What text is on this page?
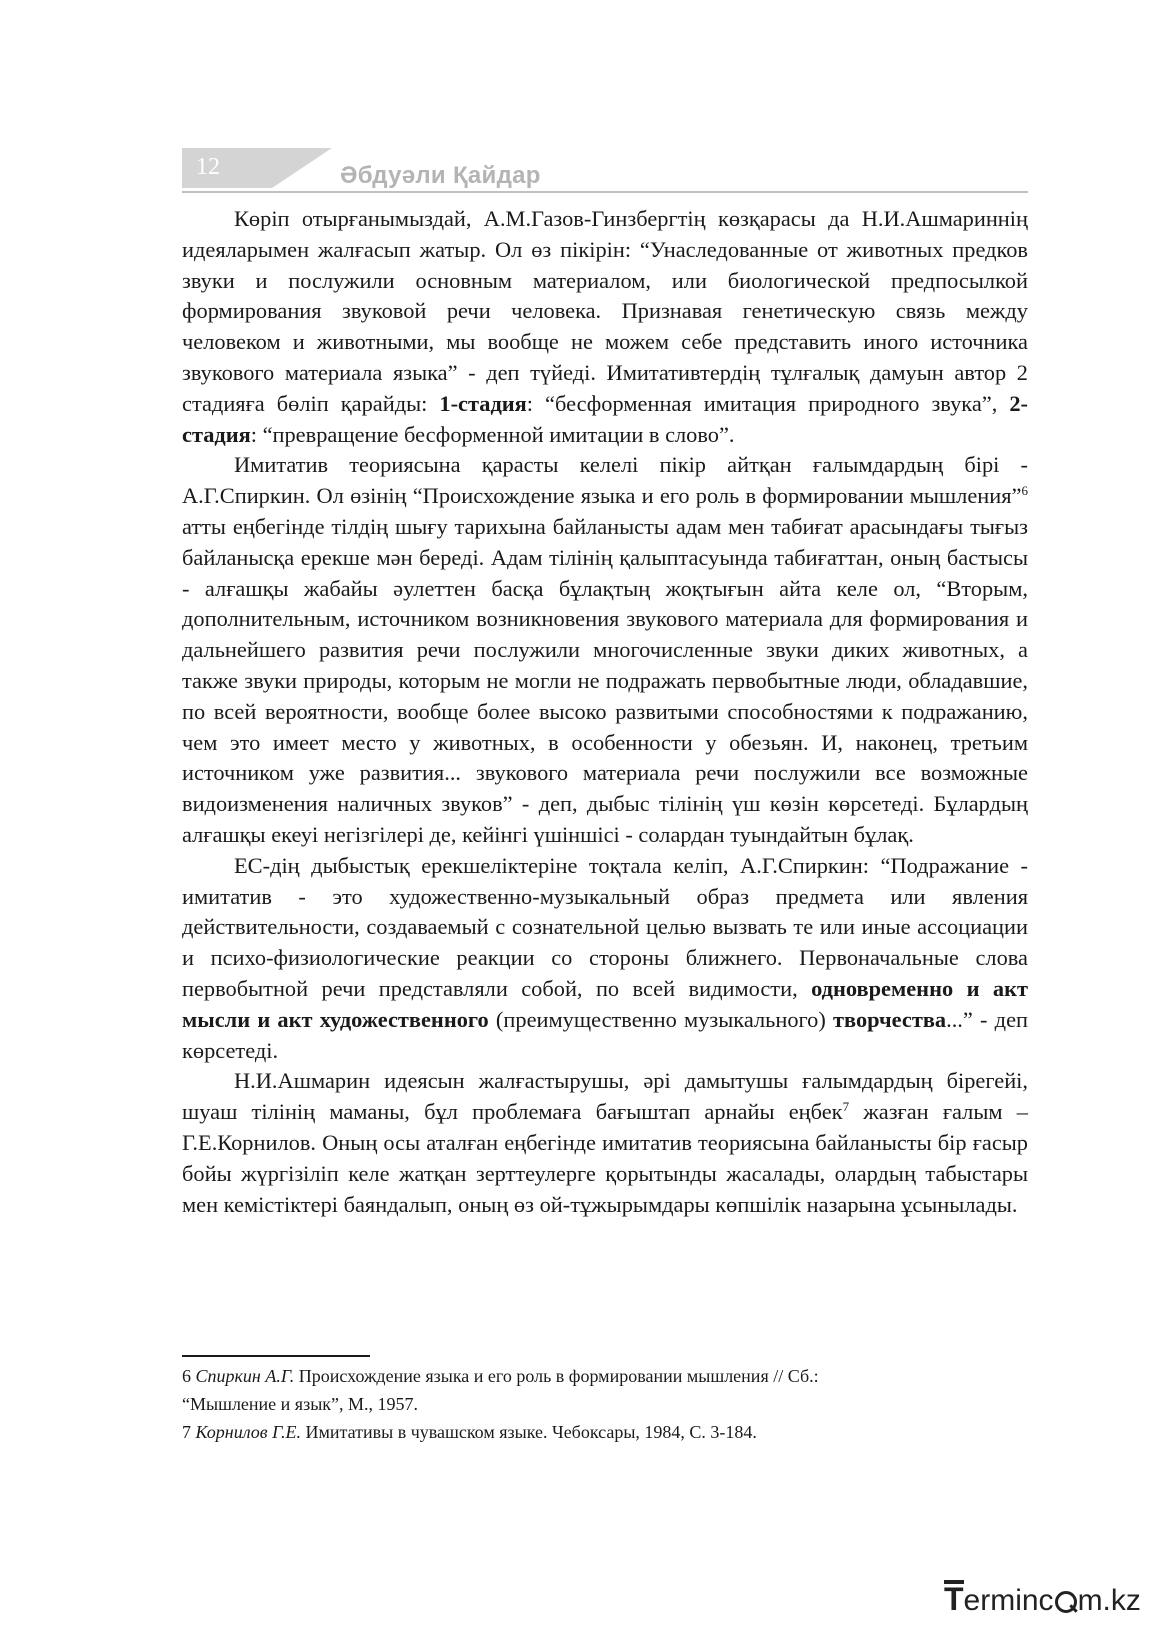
12	Әбдуәли Қайдар

Көріп отырғанымыздай, А.М.Газов-Гинзбергтің көзқарасы да Н.И.Ашмариннің идеяларымен жалғасып жатыр. Ол өз пікірін: “Унаследованные от животных предков звуки и послужили основным материалом, или биологической предпосылкой формирования звуковой речи человека. Признавая генетическую связь между человеком и животными, мы вообще не можем себе представить иного источника звукового материала языка” - деп түйеді. Имитативтердің тұлғалық дамуын автор 2 стадияға бөліп қарайды: 1-стадия: “бесформенная имитация природного звука”, 2-стадия: “превращение бесформенной имитации в слово”.

Имитатив теориясына қарасты келелі пікір айтқан ғалымдардың бірі - А.Г.Спиркин. Ол өзінің “Происхождение языка и его роль в формировании мышления”$^6$ атты еңбегінде тілдің шығу тарихына байланысты адам мен табиғат арасындағы тығыз байланысқа ерекше мән береді. Адам тілінің қалыптасуында табиғаттан, оның бастысы - алғашқы жабайы әулеттен басқа бұлақтың жоқтығын айта келе ол, “Вторым, дополнительным, источником возникновения звукового материала для формирования и дальнейшего развития речи послужили многочисленные звуки диких животных, а также звуки природы, которым не могли не подражать первобытные люди, обладавшие, по всей вероятности, вообще более высоко развитыми способностями к подражанию, чем это имеет место у животных, в особенности у обезьян. И, наконец, третьим источником уже развития... звукового материала речи послужили все возможные видоизменения наличных звуков” - деп, дыбыс тілінің үш көзін көрсетеді. Бұлардың алғашқы екеуі негізгілері де, кейінгі үшіншісі - солардан туындайтын бұлақ.

ЕС-дің дыбыстық ерекшеліктеріне тоқтала келіп, А.Г.Спиркин: “Подражание - имитатив - это художественно-музыкальный образ предмета или явления действительности, создаваемый с сознательной целью вызвать те или иные ассоциации и психо-физиологические реакции со стороны ближнего. Первоначальные слова первобытной речи представляли собой, по всей видимости, одновременно и акт мысли и акт художественного (преимущественно музыкального) творчества...” - деп көрсетеді.

Н.И.Ашмарин идеясын жалғастырушы, әрі дамытушы ғалымдардың бірегейі, шуаш тілінің маманы, бұл проблемаға бағыштап арнайы еңбек$^7$ жазған ғалым – Г.Е.Корнилов. Оның осы аталған еңбегінде имитатив теориясына байланысты бір ғасыр бойы жүргізіліп келе жатқан зерттеулерге қорытынды жасалады, олардың табыстары мен кемістіктері баяндалып, оның өз ой-тұжырымдары көпшілік назарына ұсынылады.

6 Спиркин А.Г. Происхождение языка и его роль в формировании мышления // Сб.:

“Мышление и язык”, М., 1957.

7 Корнилов Г.Е. Имитативы в чувашском языке. Чебоксары, 1984, С. 3-184.

Terminc m.kz
